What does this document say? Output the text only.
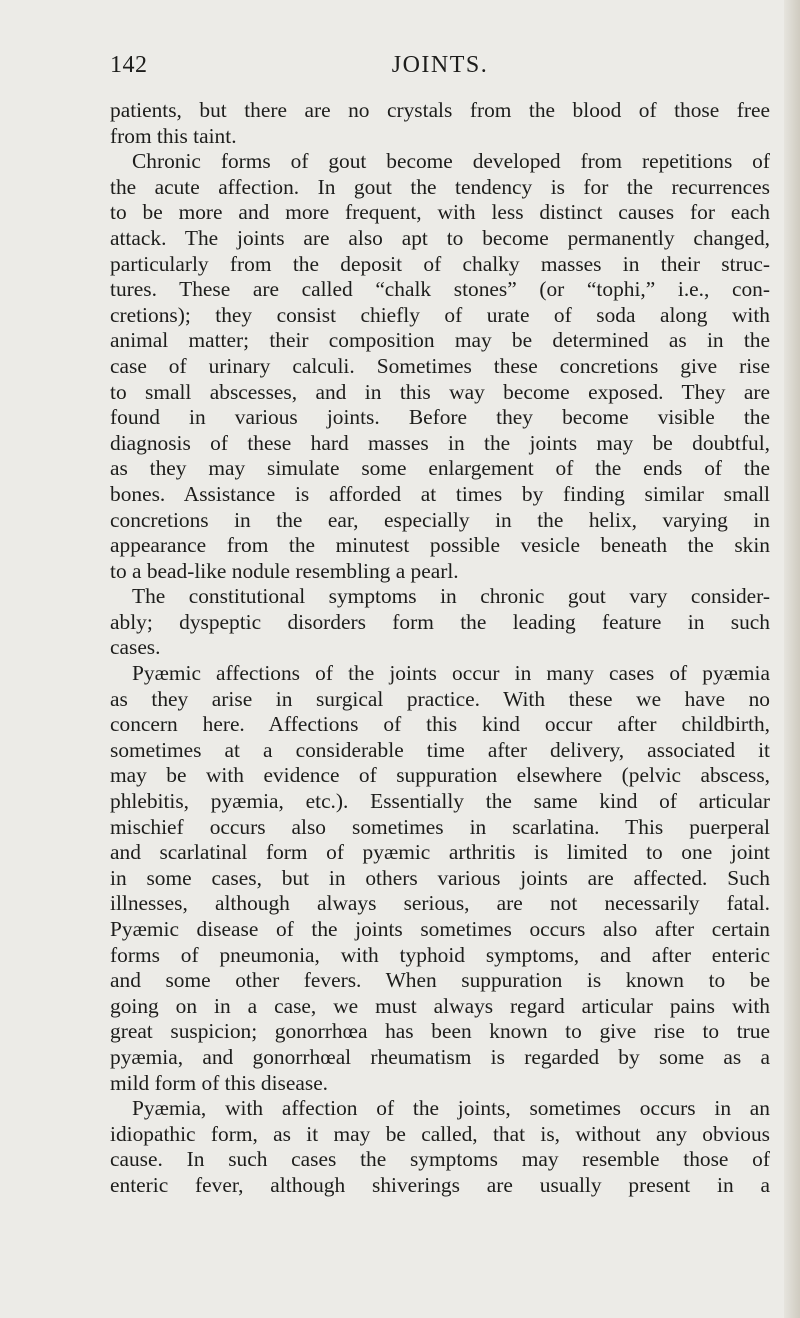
142	JOINTS.
patients, but there are no crystals from the blood of those free
from this taint.
Chronic forms of gout become developed from repetitions of
the acute affection. In gout the tendency is for the recurrences
to be more and more frequent, with less distinct causes for each
attack. The joints are also apt to become permanently changed,
particularly from the deposit of chalky masses in their struc-
tures. These are called “chalk stones” (or “tophi,” i.e., con-
cretions); they consist chiefly of urate of soda along with
animal matter; their composition may be determined as in the
case of urinary calculi. Sometimes these concretions give rise
to small abscesses, and in this way become exposed. They are
found in various joints. Before they become visible the
diagnosis of these hard masses in the joints may be doubtful,
as they may simulate some enlargement of the ends of the
bones. Assistance is afforded at times by finding similar small
concretions in the ear, especially in the helix, varying in
appearance from the minutest possible vesicle beneath the skin
to a bead-like nodule resembling a pearl.
The constitutional symptoms in chronic gout vary consider-
ably; dyspeptic disorders form the leading feature in such
cases.
Pyæmic affections of the joints occur in many cases of pyæmia
as they arise in surgical practice. With these we have no
concern here. Affections of this kind occur after childbirth,
sometimes at a considerable time after delivery, associated it
may be with evidence of suppuration elsewhere (pelvic abscess,
phlebitis, pyæmia, etc.). Essentially the same kind of articular
mischief occurs also sometimes in scarlatina. This puerperal
and scarlatinal form of pyæmic arthritis is limited to one joint
in some cases, but in others various joints are affected. Such
illnesses, although always serious, are not necessarily fatal.
Pyæmic disease of the joints sometimes occurs also after certain
forms of pneumonia, with typhoid symptoms, and after enteric
and some other fevers. When suppuration is known to be
going on in a case, we must always regard articular pains with
great suspicion; gonorrhœa has been known to give rise to true
pyæmia, and gonorrhœal rheumatism is regarded by some as a
mild form of this disease.
Pyæmia, with affection of the joints, sometimes occurs in an
idiopathic form, as it may be called, that is, without any obvious
cause. In such cases the symptoms may resemble those of
enteric fever, although shiverings are usually present in a
